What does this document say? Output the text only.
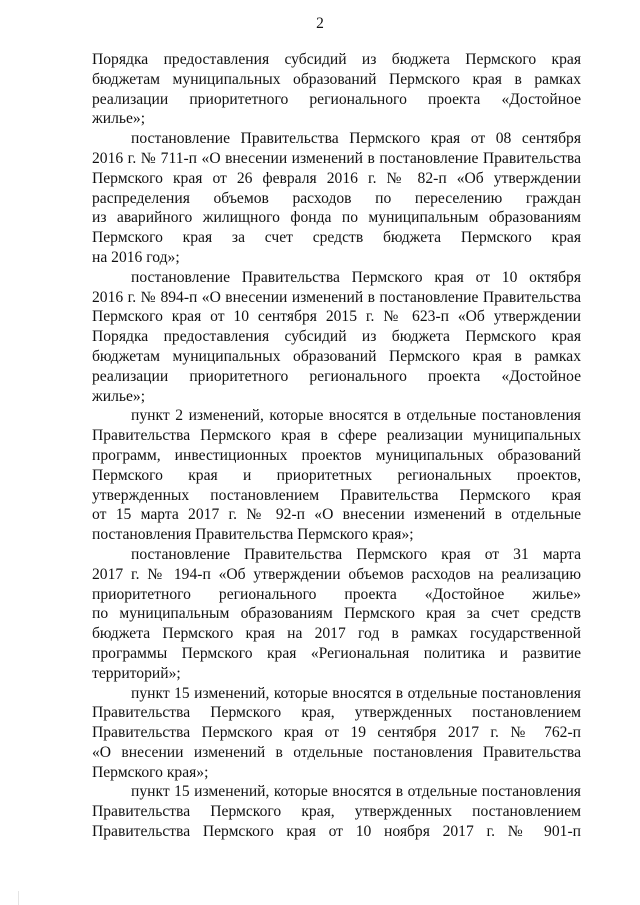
2
Порядка предоставления субсидий из бюджета Пермского края
бюджетам муниципальных образований Пермского края в рамках
реализации приоритетного регионального проекта «Достойное
жилье»;
постановление Правительства Пермского края от 08 сентября
2016 г. № 711-п «О внесении изменений в постановление Правительства
Пермского края от 26 февраля 2016 г. № 82-п «Об утверждении
распределения объемов расходов по переселению граждан
из аварийного жилищного фонда по муниципальным образованиям
Пермского края за счет средств бюджета Пермского края
на 2016 год»;
постановление Правительства Пермского края от 10 октября
2016 г. № 894-п «О внесении изменений в постановление Правительства
Пермского края от 10 сентября 2015 г. № 623-п «Об утверждении
Порядка предоставления субсидий из бюджета Пермского края
бюджетам муниципальных образований Пермского края в рамках
реализации приоритетного регионального проекта «Достойное
жилье»;
пункт 2 изменений, которые вносятся в отдельные постановления
Правительства Пермского края в сфере реализации муниципальных
программ, инвестиционных проектов муниципальных образований
Пермского края и приоритетных региональных проектов,
утвержденных постановлением Правительства Пермского края
от 15 марта 2017 г. № 92-п «О внесении изменений в отдельные
постановления Правительства Пермского края»;
постановление Правительства Пермского края от 31 марта
2017 г. № 194-п «Об утверждении объемов расходов на реализацию
приоритетного регионального проекта «Достойное жилье»
по муниципальным образованиям Пермского края за счет средств
бюджета Пермского края на 2017 год в рамках государственной
программы Пермского края «Региональная политика и развитие
территорий»;
пункт 15 изменений, которые вносятся в отдельные постановления
Правительства Пермского края, утвержденных постановлением
Правительства Пермского края от 19 сентября 2017 г. № 762-п
«О внесении изменений в отдельные постановления Правительства
Пермского края»;
пункт 15 изменений, которые вносятся в отдельные постановления
Правительства Пермского края, утвержденных постановлением
Правительства Пермского края от 10 ноября 2017 г. № 901-п
